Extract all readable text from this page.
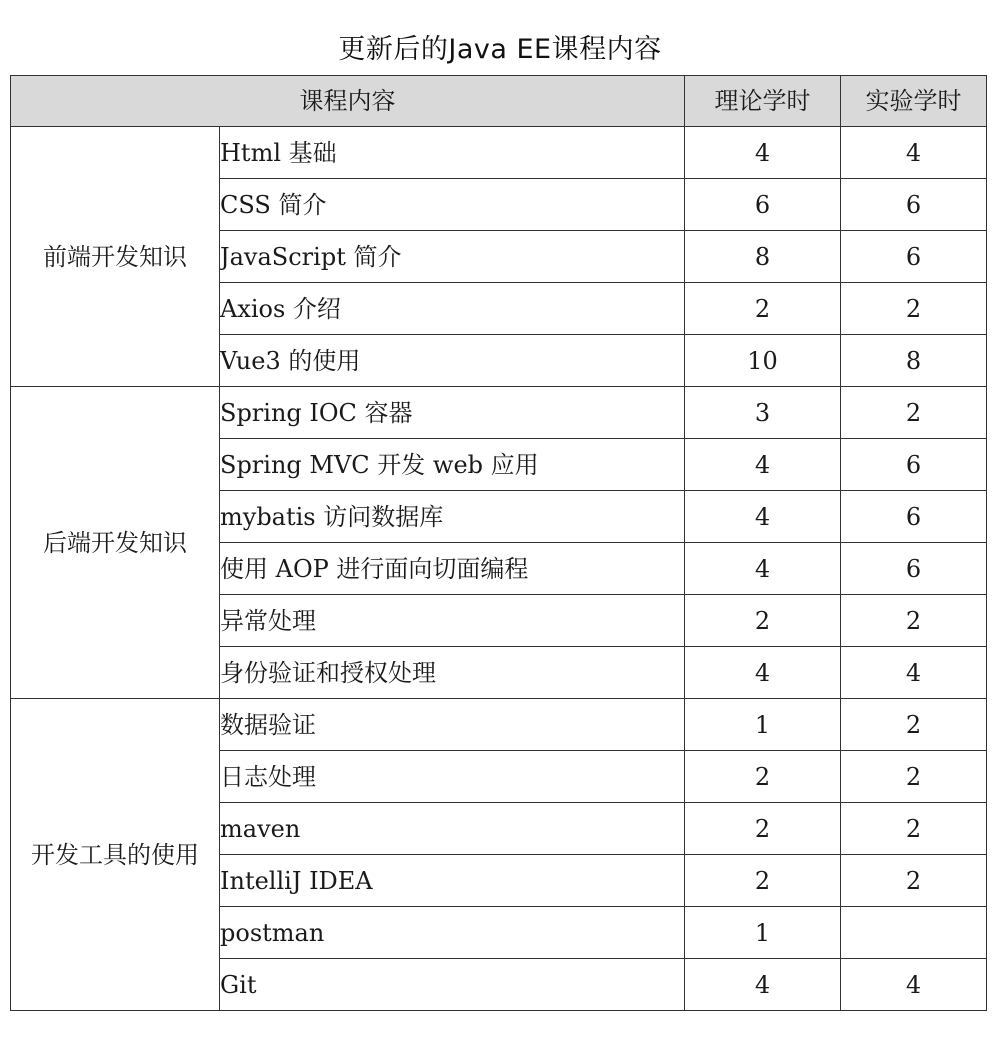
更新后的Java EE课程内容
课程内容		理论学时	实验学时
前端开发知识	Html 基础	4	4
	CSS 简介	6	6
	JavaScript 简介	8	6
	Axios 介绍	2	2
	Vue3 的使用	10	8
后端开发知识	Spring IOC 容器	3	2
	Spring MVC 开发 web 应用	4	6
	mybatis 访问数据库	4	6
	使用 AOP 进行面向切面编程	4	6
	异常处理	2	2
	身份验证和授权处理	4	4
开发工具的使用	数据验证	1	2
	日志处理	2	2
	maven	2	2
	IntelliJ IDEA	2	2
	postman	1	
	Git	4	4
